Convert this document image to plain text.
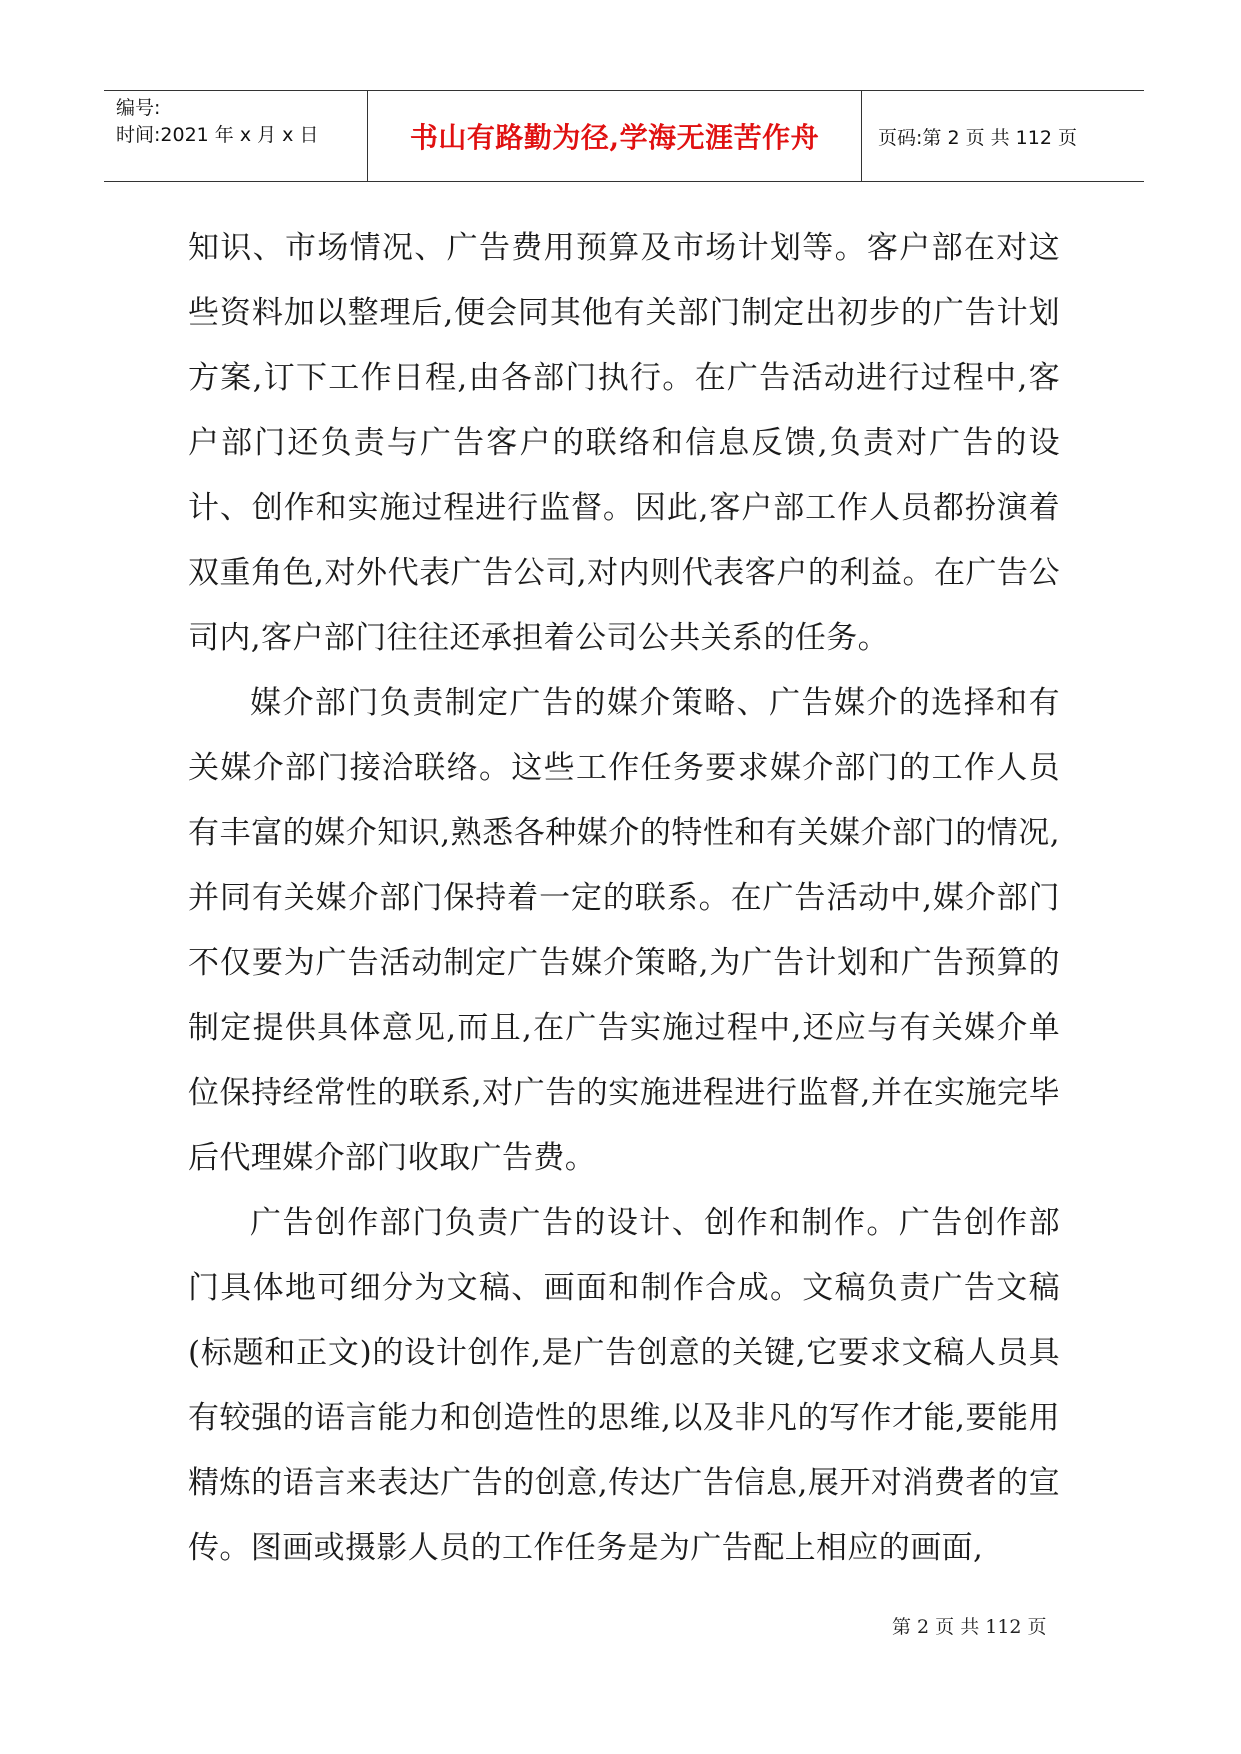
编号:
时间:2021 年 x 月 x 日	书山有路勤为径,学海无涯苦作舟	页码:第 2 页 共 112 页

知识、市场情况、广告费用预算及市场计划等。客户部在对这些资料加以整理后,便会同其他有关部门制定出初步的广告计划方案,订下工作日程,由各部门执行。在广告活动进行过程中,客户部门还负责与广告客户的联络和信息反馈,负责对广告的设计、创作和实施过程进行监督。因此,客户部工作人员都扮演着双重角色,对外代表广告公司,对内则代表客户的利益。在广告公司内,客户部门往往还承担着公司公共关系的任务。

媒介部门负责制定广告的媒介策略、广告媒介的选择和有关媒介部门接洽联络。这些工作任务要求媒介部门的工作人员有丰富的媒介知识,熟悉各种媒介的特性和有关媒介部门的情况,并同有关媒介部门保持着一定的联系。在广告活动中,媒介部门不仅要为广告活动制定广告媒介策略,为广告计划和广告预算的制定提供具体意见,而且,在广告实施过程中,还应与有关媒介单位保持经常性的联系,对广告的实施进程进行监督,并在实施完毕后代理媒介部门收取广告费。

广告创作部门负责广告的设计、创作和制作。广告创作部门具体地可细分为文稿、画面和制作合成。文稿负责广告文稿(标题和正文)的设计创作,是广告创意的关键,它要求文稿人员具有较强的语言能力和创造性的思维,以及非凡的写作才能,要能用精炼的语言来表达广告的创意,传达广告信息,展开对消费者的宣传。图画或摄影人员的工作任务是为广告配上相应的画面,

第 2 页 共 112 页
